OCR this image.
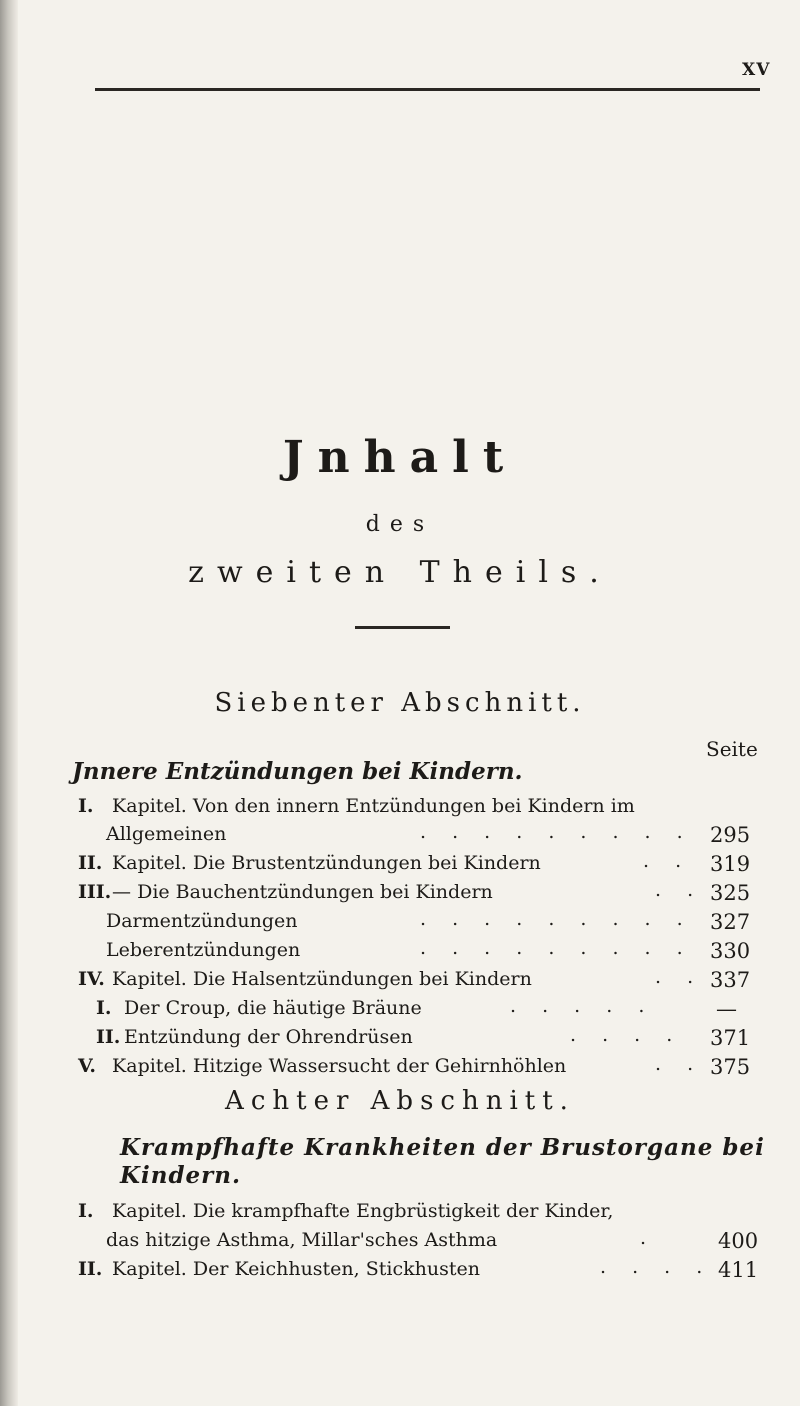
XV
Jnhalt
des
zweiten Theils.
Siebenter Abschnitt.
Seite
Jnnere Entzündungen bei Kindern.
I. Kapitel. Von den innern Entzündungen bei Kindern im
Allgemeinen	. . . . . . . . . 295
II. Kapitel. Die Brustentzündungen bei Kindern	. . 319
III. — Die Bauchentzündungen bei Kindern	. . 325
Darmentzündungen	. . . . . . . . . 327
Leberentzündungen	. . . . . . . . . 330
IV. Kapitel. Die Halsentzündungen bei Kindern	. . 337
I. Der Croup, die häutige Bräune	. . . . .	—
II. Entzündung der Ohrendrüsen	. . . . 371
V. Kapitel. Hitzige Wassersucht der Gehirnhöhlen	. . 375
Achter Abschnitt.
Krampfhafte Krankheiten der Brustorgane bei
Kindern.
I. Kapitel. Die krampfhafte Engbrüstigkeit der Kinder,
das hitzige Asthma, Millar'sches Asthma	.	400
II. Kapitel. Der Keichhusten, Stickhusten	. . . . 411
